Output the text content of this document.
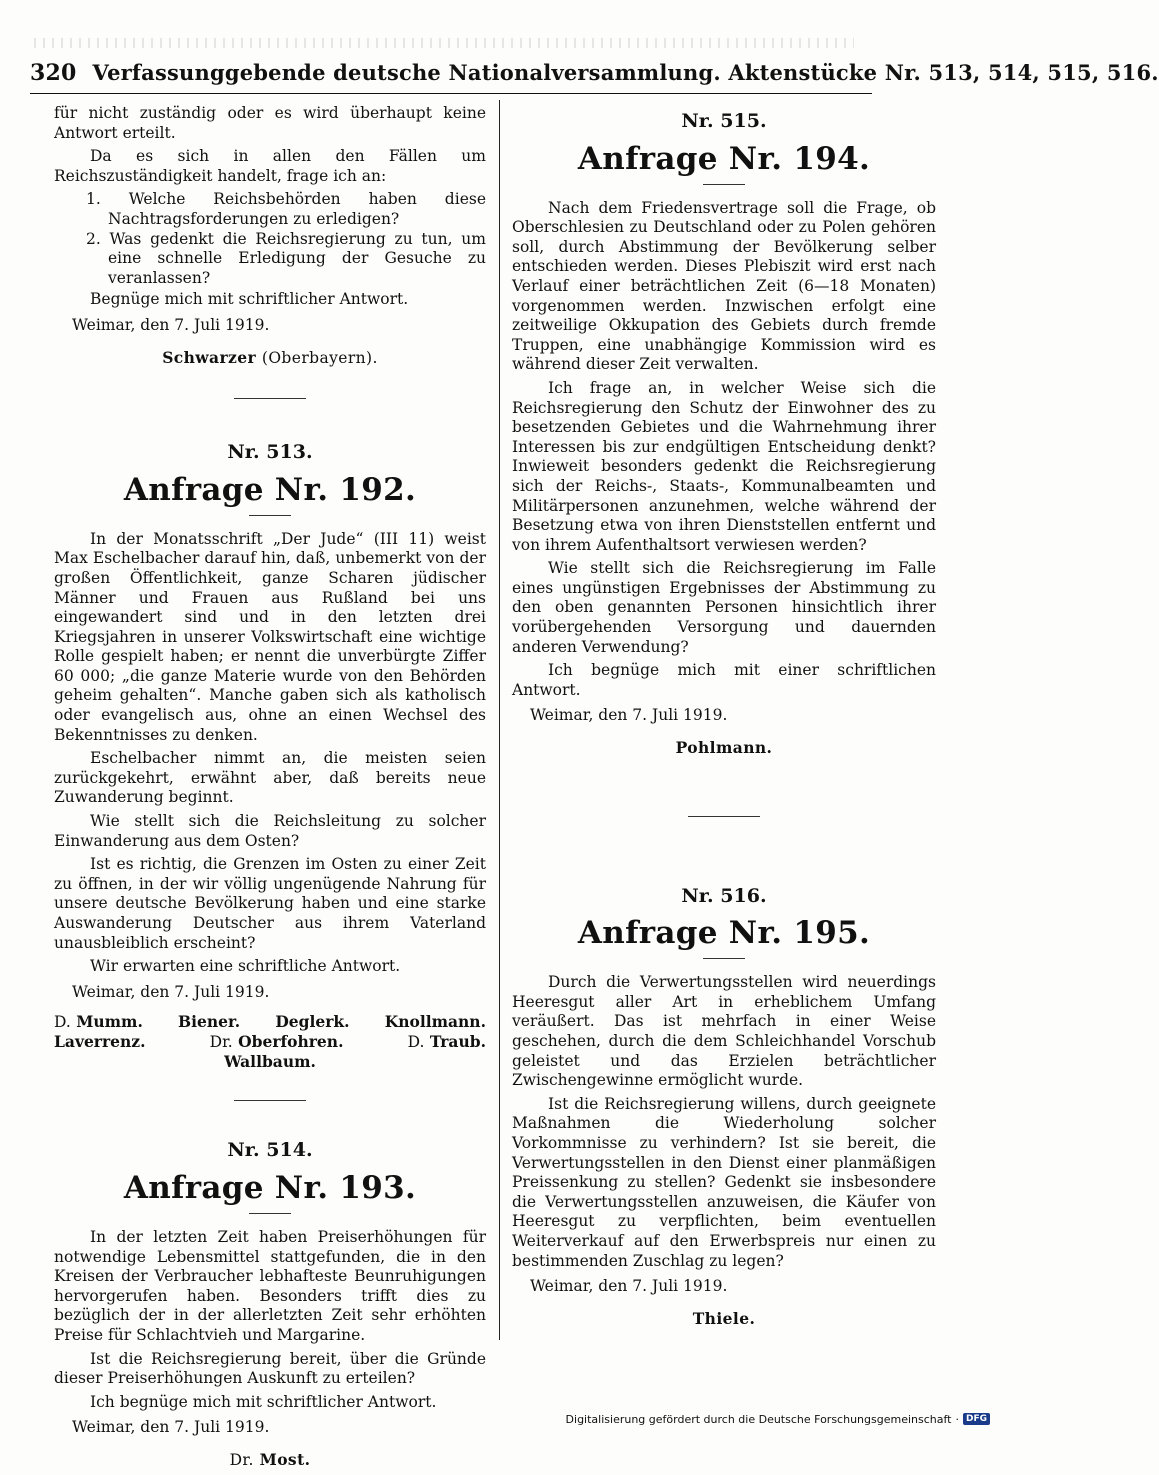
320 Verfassunggebende deutsche Nationalversammlung. Aktenstücke Nr. 513, 514, 515, 516.

für nicht zuständig oder es wird überhaupt keine Antwort erteilt.

Da es sich in allen den Fällen um Reichszuständigkeit handelt, frage ich an:

1. Welche Reichsbehörden haben diese Nachtragsforderungen zu erledigen?
2. Was gedenkt die Reichsregierung zu tun, um eine schnelle Erledigung der Gesuche zu veranlassen?

Begnüge mich mit schriftlicher Antwort.

Weimar, den 7. Juli 1919.

Schwarzer (Oberbayern).
Nr. 513.
Anfrage Nr. 192.

In der Monatsschrift „Der Jude“ (III 11) weist Max Eschelbacher darauf hin, daß, unbemerkt von der großen Öffentlichkeit, ganze Scharen jüdischer Männer und Frauen aus Rußland bei uns eingewandert sind und in den letzten drei Kriegsjahren in unserer Volkswirtschaft eine wichtige Rolle gespielt haben; er nennt die unverbürgte Ziffer 60 000; „die ganze Materie wurde von den Behörden geheim gehalten“. Manche gaben sich als katholisch oder evangelisch aus, ohne an einen Wechsel des Bekenntnisses zu denken.

Eschelbacher nimmt an, die meisten seien zurückgekehrt, erwähnt aber, daß bereits neue Zuwanderung beginnt.

Wie stellt sich die Reichsleitung zu solcher Einwanderung aus dem Osten?

Ist es richtig, die Grenzen im Osten zu einer Zeit zu öffnen, in der wir völlig ungenügende Nahrung für unsere deutsche Bevölkerung haben und eine starke Auswanderung Deutscher aus ihrem Vaterland unausbleiblich erscheint?

Wir erwarten eine schriftliche Antwort.

Weimar, den 7. Juli 1919.

D. Mumm. Biener. Deglerk. Knollmann.
Laverrenz.	Dr. Oberfohren.	D. Traub.
Wallbaum.
Nr. 514.
Anfrage Nr. 193.

In der letzten Zeit haben Preiserhöhungen für notwendige Lebensmittel stattgefunden, die in den Kreisen der Verbraucher lebhafteste Beunruhigungen hervorgerufen haben. Besonders trifft dies zu bezüglich der in der allerletzten Zeit sehr erhöhten Preise für Schlachtvieh und Margarine.

Ist die Reichsregierung bereit, über die Gründe dieser Preiserhöhungen Auskunft zu erteilen?

Ich begnüge mich mit schriftlicher Antwort.

Weimar, den 7. Juli 1919.

Dr. Most.
Nr. 515.
Anfrage Nr. 194.

Nach dem Friedensvertrage soll die Frage, ob Oberschlesien zu Deutschland oder zu Polen gehören soll, durch Abstimmung der Bevölkerung selber entschieden werden. Dieses Plebiszit wird erst nach Verlauf einer beträchtlichen Zeit (6—18 Monaten) vorgenommen werden. Inzwischen erfolgt eine zeitweilige Okkupation des Gebiets durch fremde Truppen, eine unabhängige Kommission wird es während dieser Zeit verwalten.

Ich frage an, in welcher Weise sich die Reichsregierung den Schutz der Einwohner des zu besetzenden Gebietes und die Wahrnehmung ihrer Interessen bis zur endgültigen Entscheidung denkt? Inwieweit besonders gedenkt die Reichsregierung sich der Reichs-, Staats-, Kommunalbeamten und Militärpersonen anzunehmen, welche während der Besetzung etwa von ihren Dienststellen entfernt und von ihrem Aufenthaltsort verwiesen werden?

Wie stellt sich die Reichsregierung im Falle eines ungünstigen Ergebnisses der Abstimmung zu den oben genannten Personen hinsichtlich ihrer vorübergehenden Versorgung und dauernden anderen Verwendung?

Ich begnüge mich mit einer schriftlichen Antwort.

Weimar, den 7. Juli 1919.

Pohlmann.
Nr. 516.
Anfrage Nr. 195.

Durch die Verwertungsstellen wird neuerdings Heeresgut aller Art in erheblichem Umfang veräußert. Das ist mehrfach in einer Weise geschehen, durch die dem Schleichhandel Vorschub geleistet und das Erzielen beträchtlicher Zwischengewinne ermöglicht wurde.

Ist die Reichsregierung willens, durch geeignete Maßnahmen die Wiederholung solcher Vorkommnisse zu verhindern? Ist sie bereit, die Verwertungsstellen in den Dienst einer planmäßigen Preissenkung zu stellen? Gedenkt sie insbesondere die Verwertungsstellen anzuweisen, die Käufer von Heeresgut zu verpflichten, beim eventuellen Weiterverkauf auf den Erwerbspreis nur einen zu bestimmenden Zuschlag zu legen?

Weimar, den 7. Juli 1919.

Thiele.
Digitalisierung gefördert durch die Deutsche Forschungsgemeinschaft · DFG
